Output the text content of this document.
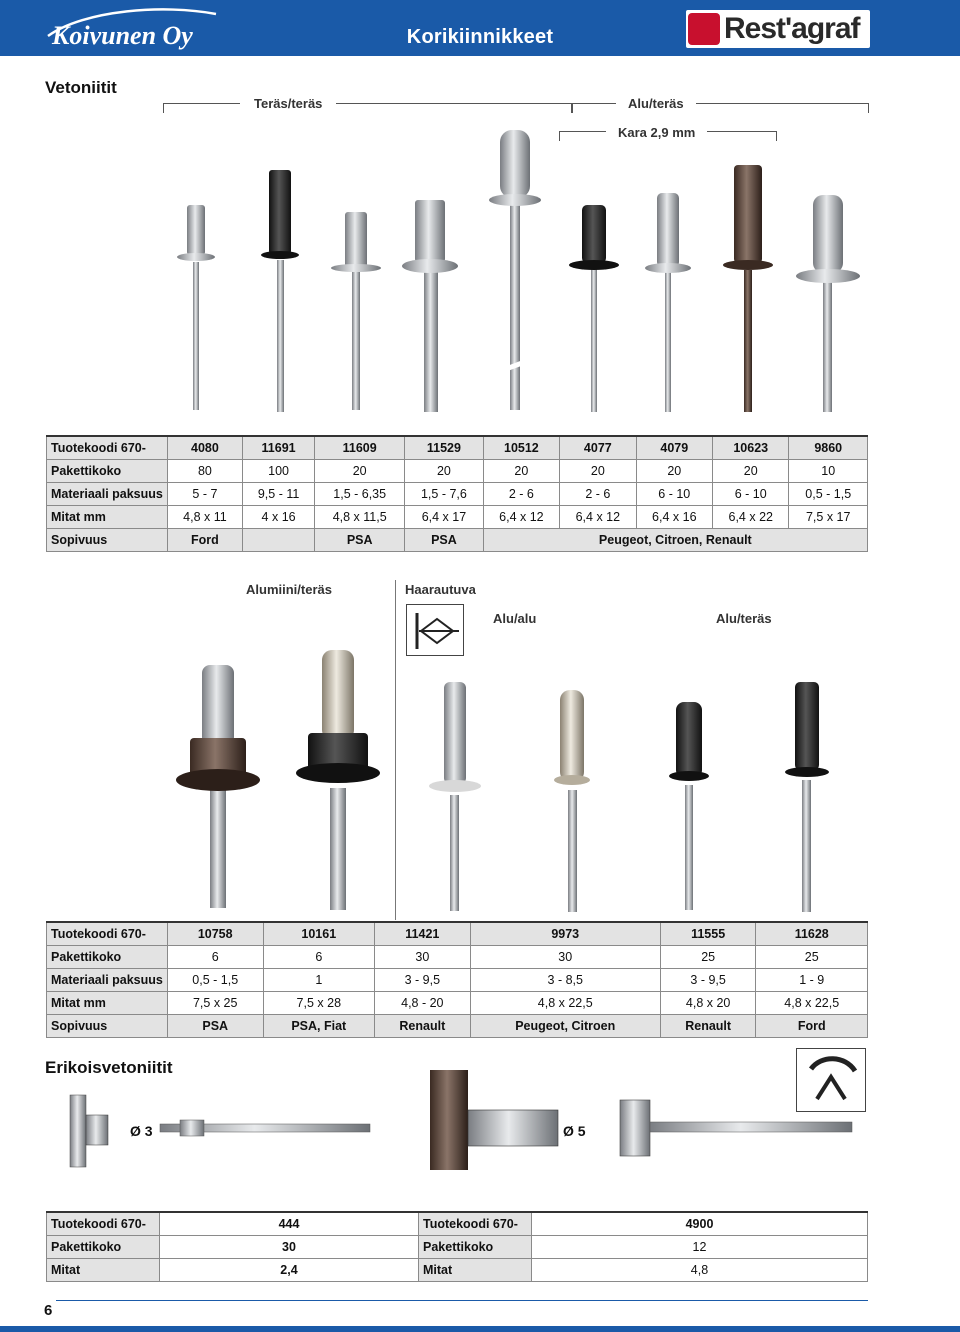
Koivunen Oy	Korikiinnikkeet	Rest'agraf
Vetoniitit
Teräs/teräs	Alu/teräs
Kara 2,9 mm
Tuotekoodi 670-	4080	11691	11609	11529	10512	4077	4079	10623	9860
Pakettikoko	80	100	20	20	20	20	20	20	10
Materiaali paksuus	5 - 7	9,5 - 11	1,5 - 6,35	1,5 - 7,6	2 - 6	2 - 6	6 - 10	6 - 10	0,5 - 1,5
Mitat mm	4,8 x 11	4 x 16	4,8 x 11,5	6,4 x 17	6,4 x 12	6,4 x 12	6,4 x 16	6,4 x 22	7,5 x 17
Sopivuus	Ford		PSA	PSA	Peugeot, Citroen, Renault				
Alumiini/teräs	Haarautuva
Alu/alu	Alu/teräs
Tuotekoodi 670-	10758	10161	11421	9973	11555	11628
Pakettikoko	6	6	30	30	25	25
Materiaali paksuus	0,5 - 1,5	1	3 - 9,5	3 - 8,5	3 - 9,5	1 - 9
Mitat mm	7,5 x 25	7,5 x 28	4,8 - 20	4,8 x 22,5	4,8 x 20	4,8 x 22,5
Sopivuus	PSA	PSA, Fiat	Renault	Peugeot, Citroen	Renault	Ford
Erikoisvetoniitit
Ø 3	Ø 5
Tuotekoodi 670-	444	Tuotekoodi 670-	4900
Pakettikoko	30	Pakettikoko	12
Mitat	2,4	Mitat	4,8
6
